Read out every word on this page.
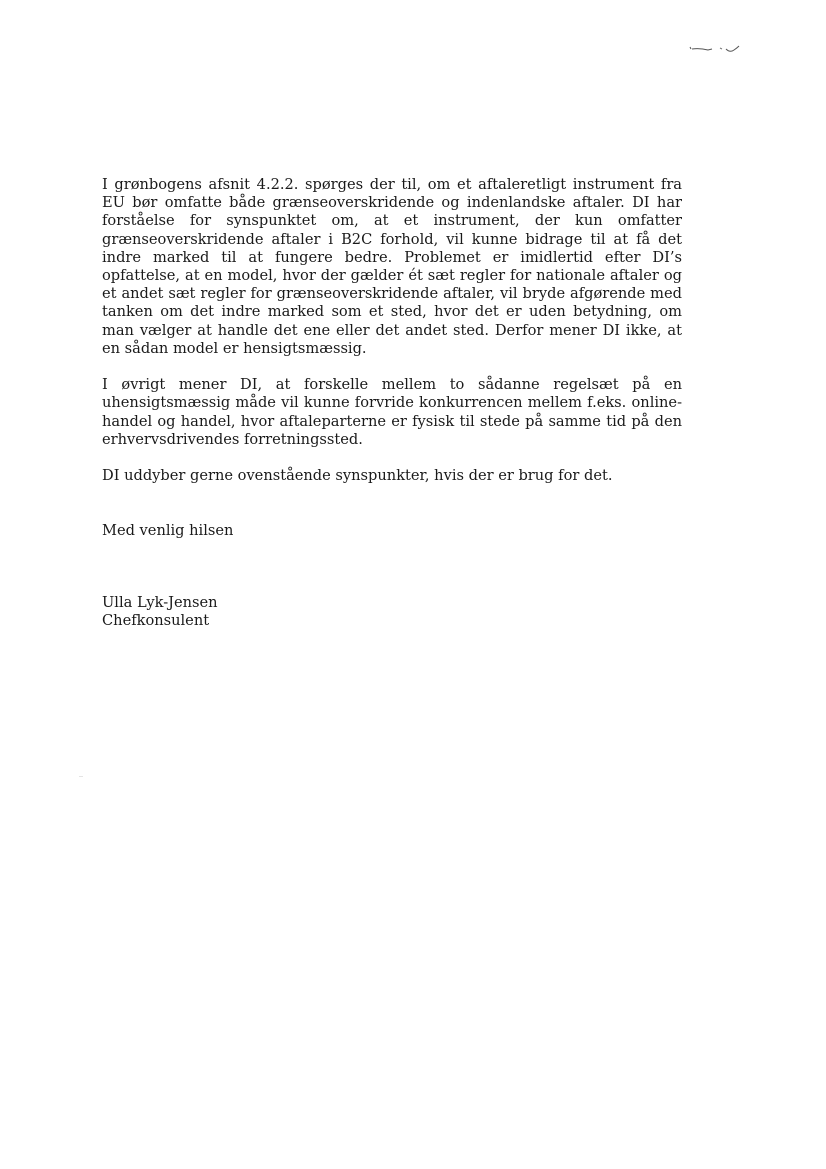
I grønbogens afsnit 4.2.2. spørges der til, om et aftaleretligt instrument fra EU bør omfatte både grænseoverskridende og indenlandske aftaler. DI har forståelse for synspunktet om, at et instrument, der kun omfatter grænseoverskridende aftaler i B2C forhold, vil kunne bidrage til at få det indre marked til at fungere bedre. Problemet er imidlertid efter DI’s opfattelse, at en model, hvor der gælder ét sæt regler for nationale aftaler og et andet sæt regler for grænseoverskridende aftaler, vil bryde afgørende med tanken om det indre marked som et sted, hvor det er uden betydning, om man vælger at handle det ene eller det andet sted. Derfor mener DI ikke, at en sådan model er hensigtsmæssig.

I øvrigt mener DI, at forskelle mellem to sådanne regelsæt på en uhensigtsmæssig måde vil kunne forvride konkurrencen mellem f.eks. online-handel og handel, hvor aftaleparterne er fysisk til stede på samme tid på den erhvervsdrivendes forretningssted.

DI uddyber gerne ovenstående synspunkter, hvis der er brug for det.

Med venlig hilsen

Ulla Lyk-Jensen
Chefkonsulent
